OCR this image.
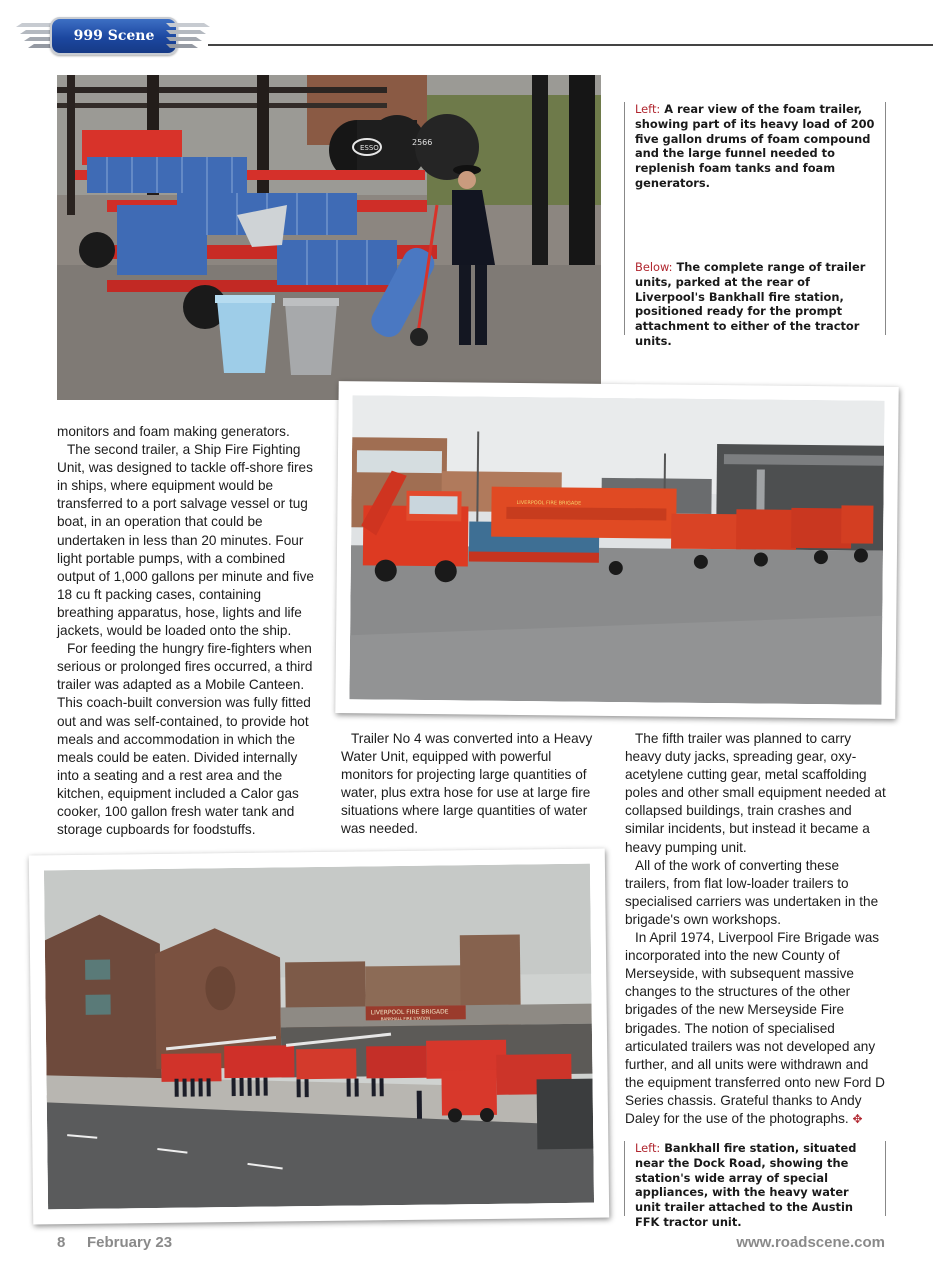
999 Scene
ESSO
2566
Left: A rear view of the foam trailer, showing part of its heavy load of 200 five gallon drums of foam compound and the large funnel needed to replenish foam tanks and foam generators.
Below: The complete range of trailer units, parked at the rear of Liverpool's Bankhall fire station, positioned ready for the prompt attachment to either of the tractor units.
LIVERPOOL FIRE BRIGADE

monitors and foam making generators.

The second trailer, a Ship Fire Fighting Unit, was designed to tackle off-shore fires in ships, where equipment would be transferred to a port salvage vessel or tug boat, in an operation that could be undertaken in less than 20 minutes. Four light portable pumps, with a combined output of 1,000 gallons per minute and five 18 cu ft packing cases, containing breathing apparatus, hose, lights and life jackets, would be loaded onto the ship.

For feeding the hungry fire-fighters when serious or prolonged fires occurred, a third trailer was adapted as a Mobile Canteen. This coach-built conversion was fully fitted out and was self-contained, to provide hot meals and accommodation in which the meals could be eaten. Divided internally into a seating and a rest area and the kitchen, equipment included a Calor gas cooker, 100 gallon fresh water tank and storage cupboards for foodstuffs.

Trailer No 4 was converted into a Heavy Water Unit, equipped with powerful monitors for projecting large quantities of water, plus extra hose for use at large fire situations where large quantities of water was needed.

The fifth trailer was planned to carry heavy duty jacks, spreading gear, oxy-acetylene cutting gear, metal scaffolding poles and other small equipment needed at collapsed buildings, train crashes and similar incidents, but instead it became a heavy pumping unit.

All of the work of converting these trailers, from flat low-loader trailers to specialised carriers was undertaken in the brigade's own workshops.

In April 1974, Liverpool Fire Brigade was incorporated into the new County of Merseyside, with subsequent massive changes to the structures of the other brigades of the new Merseyside Fire brigades. The notion of specialised articulated trailers was not developed any further, and all units were withdrawn and the equipment transferred onto new Ford D Series chassis. Grateful thanks to Andy Daley for the use of the photographs. ✥

LIVERPOOL FIRE BRIGADE
BANKHALL FIRE STATION
Left: Bankhall fire station, situated near the Dock Road, showing the station's wide array of special appliances, with the heavy water unit trailer attached to the Austin FFK tractor unit.
8 February 23	www.roadscene.com
